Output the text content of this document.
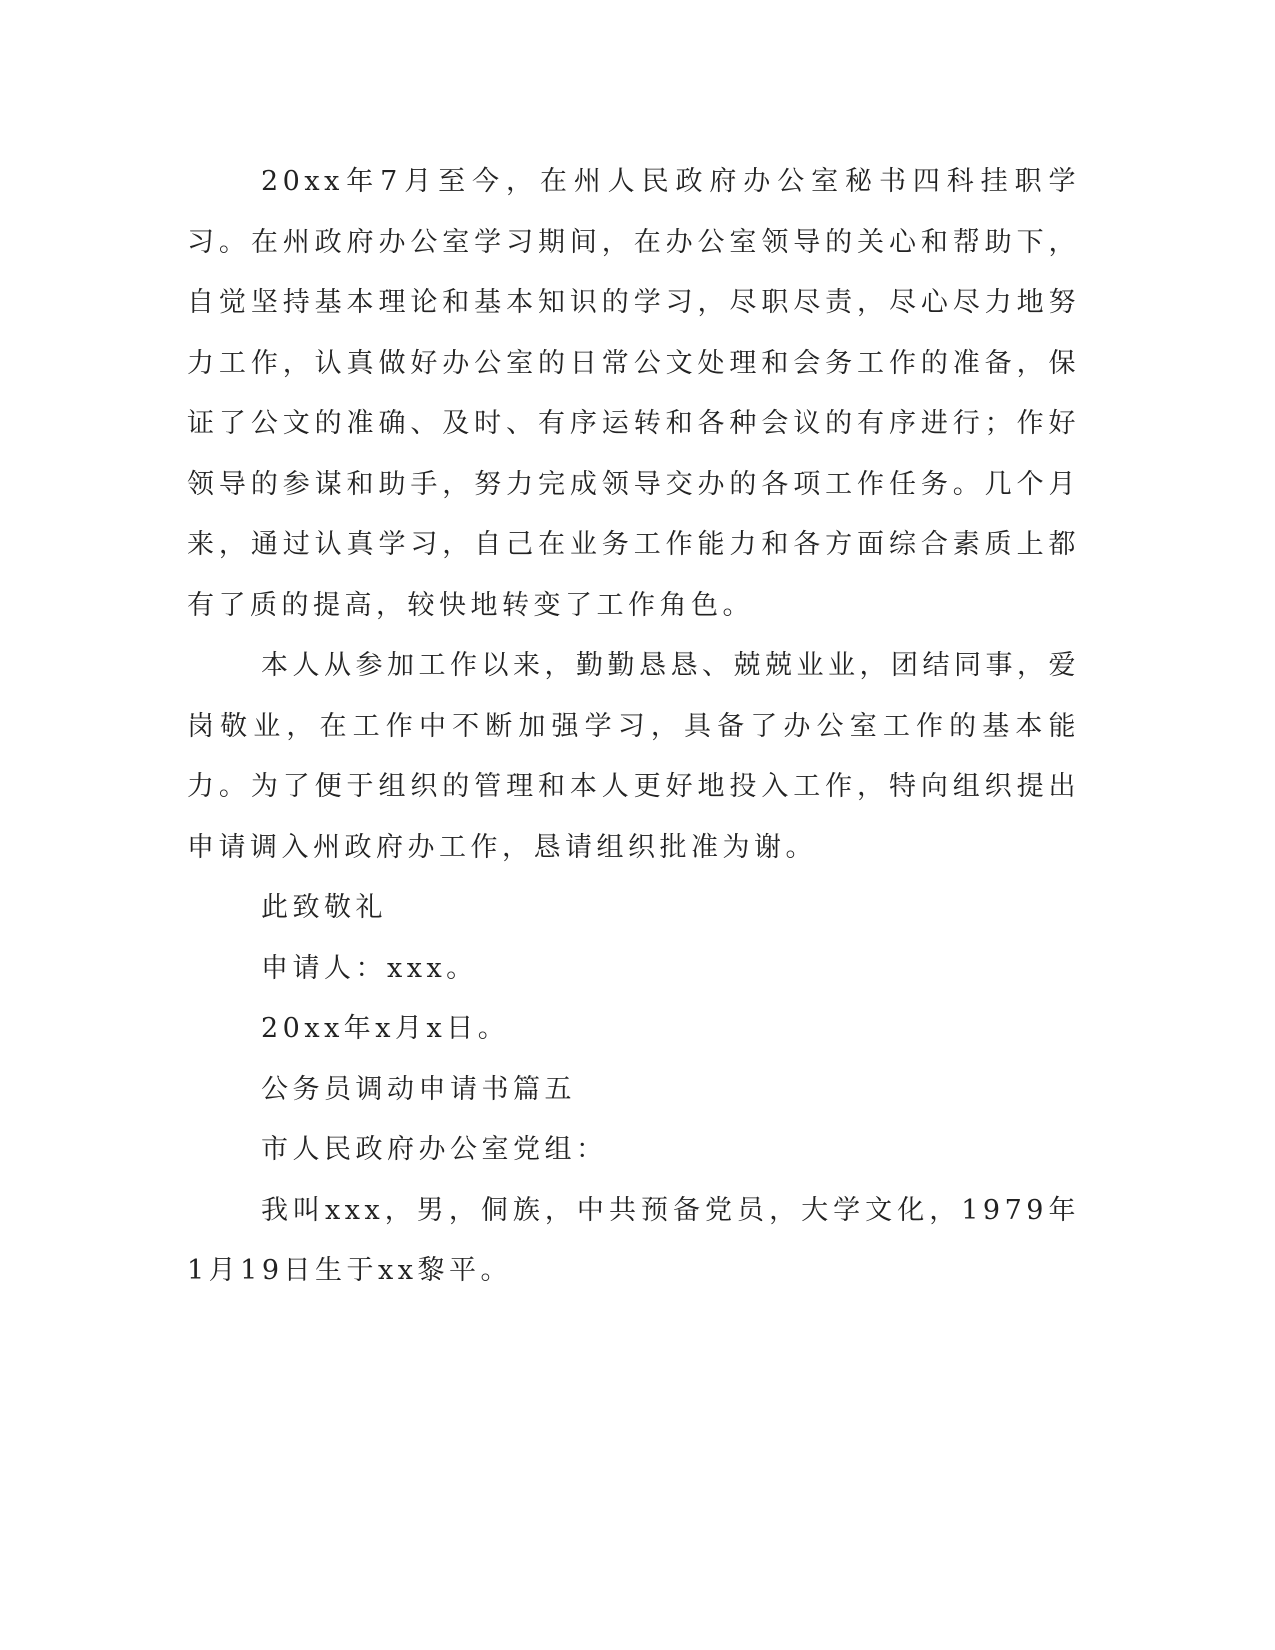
20xx年7月至今，在州人民政府办公室秘书四科挂职学习。在州政府办公室学习期间，在办公室领导的关心和帮助下，自觉坚持基本理论和基本知识的学习，尽职尽责，尽心尽力地努力工作，认真做好办公室的日常公文处理和会务工作的准备，保证了公文的准确、及时、有序运转和各种会议的有序进行；作好领导的参谋和助手，努力完成领导交办的各项工作任务。几个月来，通过认真学习，自己在业务工作能力和各方面综合素质上都有了质的提高，较快地转变了工作角色。

本人从参加工作以来，勤勤恳恳、兢兢业业，团结同事，爱岗敬业，在工作中不断加强学习，具备了办公室工作的基本能力。为了便于组织的管理和本人更好地投入工作，特向组织提出申请调入州政府办工作，恳请组织批准为谢。

此致敬礼

申请人：xxx。

20xx年x月x日。

公务员调动申请书篇五

市人民政府办公室党组：

我叫xxx，男，侗族，中共预备党员，大学文化，1979年1月19日生于xx黎平。
